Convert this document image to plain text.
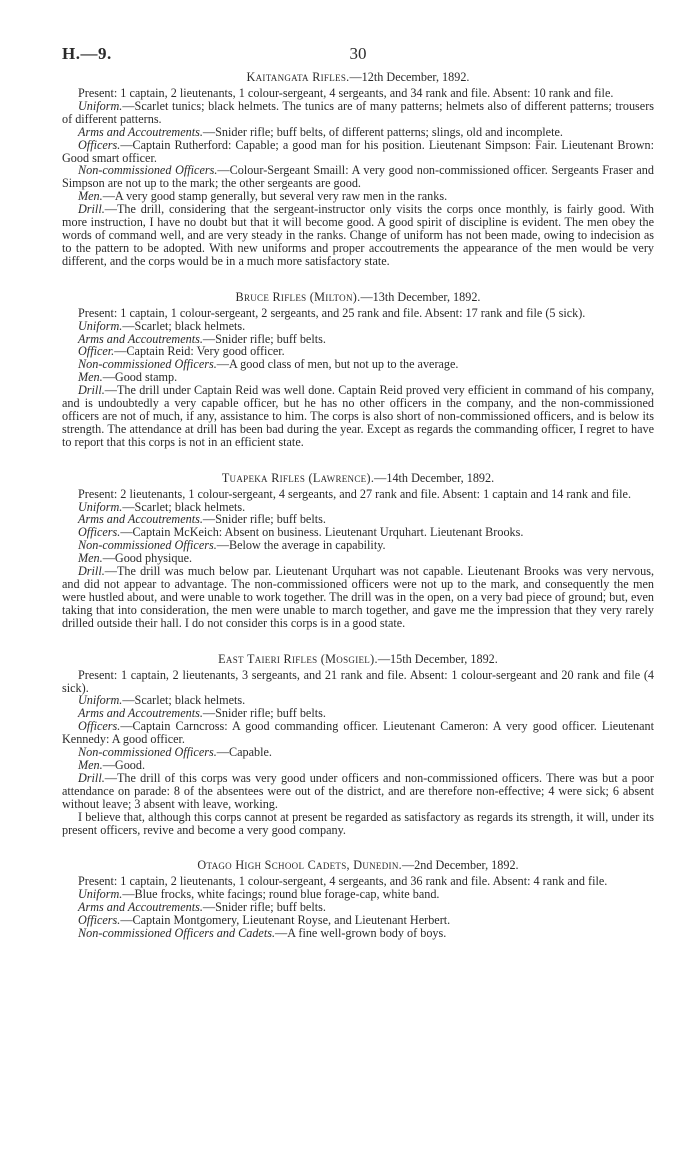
H.—9.	30
Kaitangata Rifles.—12th December, 1892.

Present: 1 captain, 2 lieutenants, 1 colour-sergeant, 4 sergeants, and 34 rank and file. Absent: 10 rank and file.

Uniform.—Scarlet tunics; black helmets. The tunics are of many patterns; helmets also of different patterns; trousers of different patterns.

Arms and Accoutrements.—Snider rifle; buff belts, of different patterns; slings, old and incomplete.

Officers.—Captain Rutherford: Capable; a good man for his position. Lieutenant Simpson: Fair. Lieutenant Brown: Good smart officer.

Non-commissioned Officers.—Colour-Sergeant Smaill: A very good non-commissioned officer. Sergeants Fraser and Simpson are not up to the mark; the other sergeants are good.

Men.—A very good stamp generally, but several very raw men in the ranks.

Drill.—The drill, considering that the sergeant-instructor only visits the corps once monthly, is fairly good. With more instruction, I have no doubt but that it will become good. A good spirit of discipline is evident. The men obey the words of command well, and are very steady in the ranks. Change of uniform has not been made, owing to indecision as to the pattern to be adopted. With new uniforms and proper accoutrements the appearance of the men would be very different, and the corps would be in a much more satisfactory state.

Bruce Rifles (Milton).—13th December, 1892.

Present: 1 captain, 1 colour-sergeant, 2 sergeants, and 25 rank and file. Absent: 17 rank and file (5 sick).

Uniform.—Scarlet; black helmets.

Arms and Accoutrements.—Snider rifle; buff belts.

Officer.—Captain Reid: Very good officer.

Non-commissioned Officers.—A good class of men, but not up to the average.

Men.—Good stamp.

Drill.—The drill under Captain Reid was well done. Captain Reid proved very efficient in command of his company, and is undoubtedly a very capable officer, but he has no other officers in the company, and the non-commissioned officers are not of much, if any, assistance to him. The corps is also short of non-commissioned officers, and is below its strength. The attendance at drill has been bad during the year. Except as regards the commanding officer, I regret to have to report that this corps is not in an efficient state.

Tuapeka Rifles (Lawrence).—14th December, 1892.

Present: 2 lieutenants, 1 colour-sergeant, 4 sergeants, and 27 rank and file. Absent: 1 captain and 14 rank and file.

Uniform.—Scarlet; black helmets.

Arms and Accoutrements.—Snider rifle; buff belts.

Officers.—Captain McKeich: Absent on business. Lieutenant Urquhart. Lieutenant Brooks.

Non-commissioned Officers.—Below the average in capability.

Men.—Good physique.

Drill.—The drill was much below par. Lieutenant Urquhart was not capable. Lieutenant Brooks was very nervous, and did not appear to advantage. The non-commissioned officers were not up to the mark, and consequently the men were hustled about, and were unable to work together. The drill was in the open, on a very bad piece of ground; but, even taking that into consideration, the men were unable to march together, and gave me the impression that they very rarely drilled outside their hall. I do not consider this corps is in a good state.

East Taieri Rifles (Mosgiel).—15th December, 1892.

Present: 1 captain, 2 lieutenants, 3 sergeants, and 21 rank and file. Absent: 1 colour-sergeant and 20 rank and file (4 sick).

Uniform.—Scarlet; black helmets.

Arms and Accoutrements.—Snider rifle; buff belts.

Officers.—Captain Carncross: A good commanding officer. Lieutenant Cameron: A very good officer. Lieutenant Kennedy: A good officer.

Non-commissioned Officers.—Capable.

Men.—Good.

Drill.—The drill of this corps was very good under officers and non-commissioned officers. There was but a poor attendance on parade: 8 of the absentees were out of the district, and are therefore non-effective; 4 were sick; 6 absent without leave; 3 absent with leave, working.

I believe that, although this corps cannot at present be regarded as satisfactory as regards its strength, it will, under its present officers, revive and become a very good company.

Otago High School Cadets, Dunedin.—2nd December, 1892.

Present: 1 captain, 2 lieutenants, 1 colour-sergeant, 4 sergeants, and 36 rank and file. Absent: 4 rank and file.

Uniform.—Blue frocks, white facings; round blue forage-cap, white band.

Arms and Accoutrements.—Snider rifle; buff belts.

Officers.—Captain Montgomery, Lieutenant Royse, and Lieutenant Herbert.

Non-commissioned Officers and Cadets.—A fine well-grown body of boys.
